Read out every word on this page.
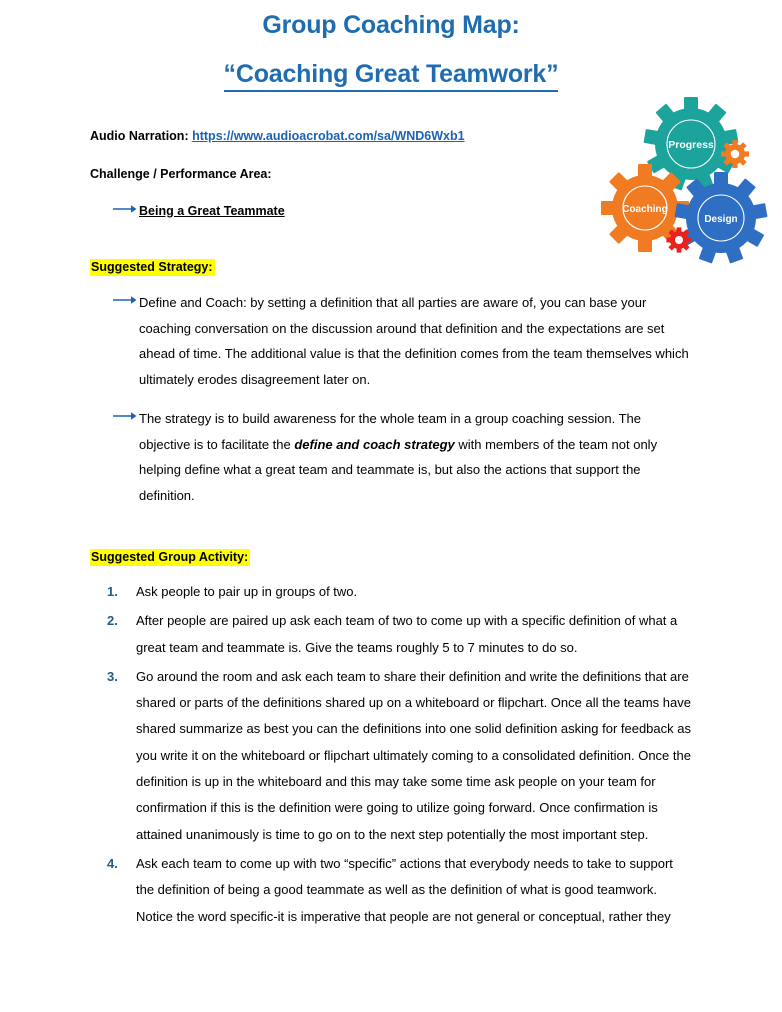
Progress
Coaching
Design
Group Coaching Map:
“Coaching Great Teamwork”
Audio Narration: https://www.audioacrobat.com/sa/WND6Wxb1
Challenge / Performance Area:
Being a Great Teammate
Suggested Strategy:
Define and Coach: by setting a definition that all parties are aware of, you can base your coaching conversation on the discussion around that definition and the expectations are set ahead of time. The additional value is that the definition comes from the team themselves which ultimately erodes disagreement later on.
The strategy is to build awareness for the whole team in a group coaching session. The objective is to facilitate the define and coach strategy with members of the team not only helping define what a great team and teammate is, but also the actions that support the definition.
Suggested Group Activity:
1.	Ask people to pair up in groups of two.
2.	After people are paired up ask each team of two to come up with a specific definition of what a great team and teammate is. Give the teams roughly 5 to 7 minutes to do so.
3.	Go around the room and ask each team to share their definition and write the definitions that are shared or parts of the definitions shared up on a whiteboard or flipchart. Once all the teams have shared summarize as best you can the definitions into one solid definition asking for feedback as you write it on the whiteboard or flipchart ultimately coming to a consolidated definition. Once the definition is up in the whiteboard and this may take some time ask people on your team for confirmation if this is the definition were going to utilize going forward. Once confirmation is attained unanimously is time to go on to the next step potentially the most important step.
4.	Ask each team to come up with two “specific” actions that everybody needs to take to support the definition of being a good teammate as well as the definition of what is good teamwork. Notice the word specific-it is imperative that people are not general or conceptual, rather they
